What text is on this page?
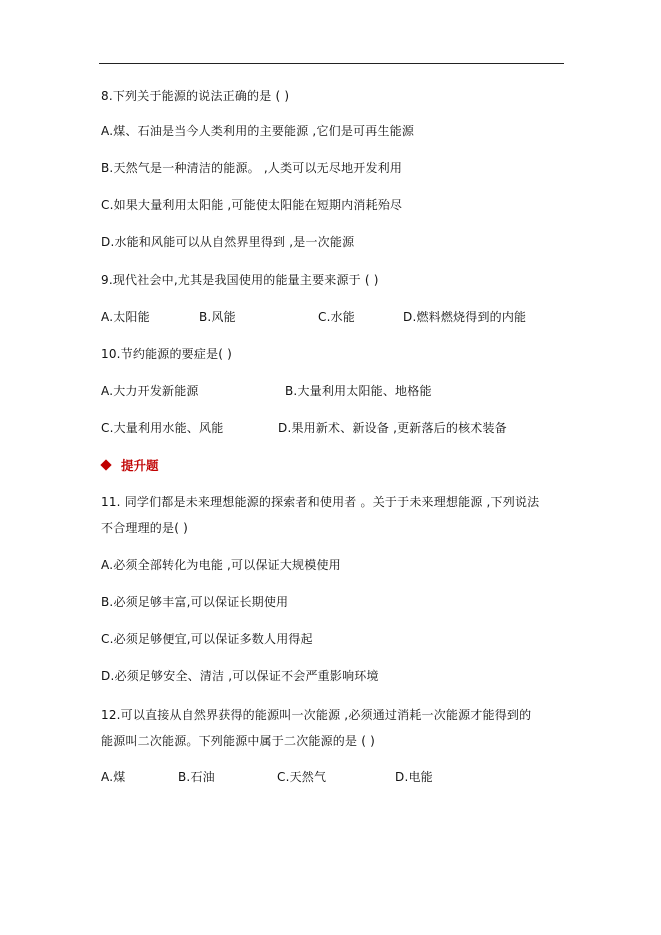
8.下列关于能源的说法正确的是 ( )
A.煤、石油是当今人类利用的主要能源 ,它们是可再生能源
B.天然气是一种清洁的能源。 ,人类可以无尽地开发利用
C.如果大量利用太阳能 ,可能使太阳能在短期内消耗殆尽
D.水能和风能可以从自然界里得到 ,是一次能源
9.现代社会中,尤其是我国使用的能量主要来源于 ( )
A.太阳能	B.风能	C.水能	D.燃料燃烧得到的内能
10.节约能源的要症是( )
A.大力开发新能源	B.大量利用太阳能、地格能
C.大量利用水能、风能	D.果用新术、新设备 ,更新落后的核术装备
提升题
11. 同学们都是未来理想能源的探索者和使用者 。关于于未来理想能源 ,下列说法
不合理理的是( )
A.必须全部转化为电能 ,可以保证大规模使用
B.必须足够丰富,可以保证长期使用
C.必须足够便宜,可以保证多数人用得起
D.必须足够安全、清洁 ,可以保证不会严重影响环境
12.可以直接从自然界获得的能源叫一次能源 ,必须通过消耗一次能源才能得到的
能源叫二次能源。下列能源中属于二次能源的是 ( )
A.煤	B.石油	C.天然气	D.电能
